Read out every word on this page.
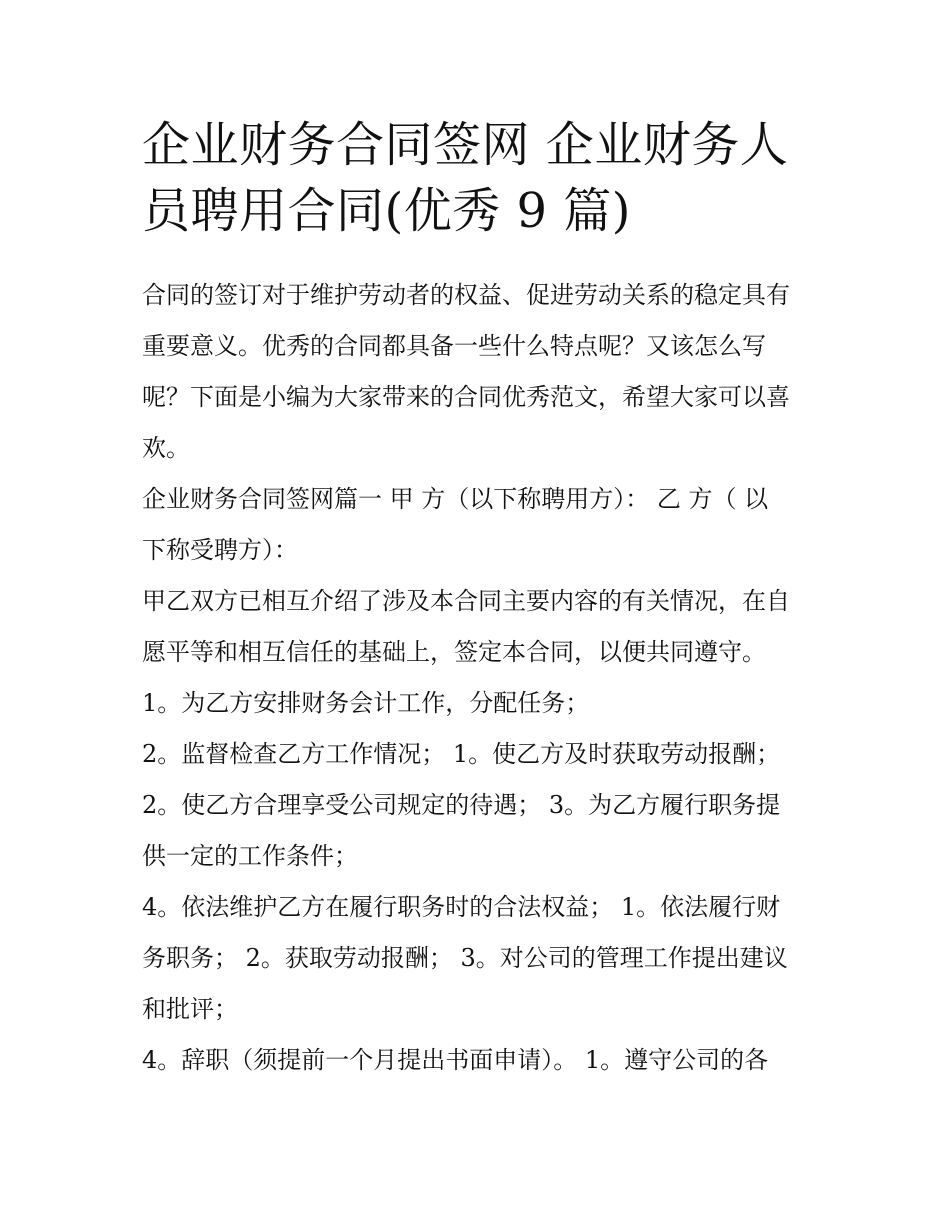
企业财务合同签网 企业财务人
员聘用合同(优秀 9 篇)
合同的签订对于维护劳动者的权益、促进劳动关系的稳定具有
重要意义。优秀的合同都具备一些什么特点呢？又该怎么写
呢？下面是小编为大家带来的合同优秀范文，希望大家可以喜
欢。
企业财务合同签网篇一 甲 方（以下称聘用方）： 乙 方（ 以
下称受聘方）：
甲乙双方已相互介绍了涉及本合同主要内容的有关情况，在自
愿平等和相互信任的基础上，签定本合同，以便共同遵守。
1。为乙方安排财务会计工作，分配任务；
2。监督检查乙方工作情况； 1。使乙方及时获取劳动报酬；
2。使乙方合理享受公司规定的待遇； 3。为乙方履行职务提
供一定的工作条件；
4。依法维护乙方在履行职务时的合法权益； 1。依法履行财
务职务； 2。获取劳动报酬； 3。对公司的管理工作提出建议
和批评；
4。辞职（须提前一个月提出书面申请）。 1。遵守公司的各
